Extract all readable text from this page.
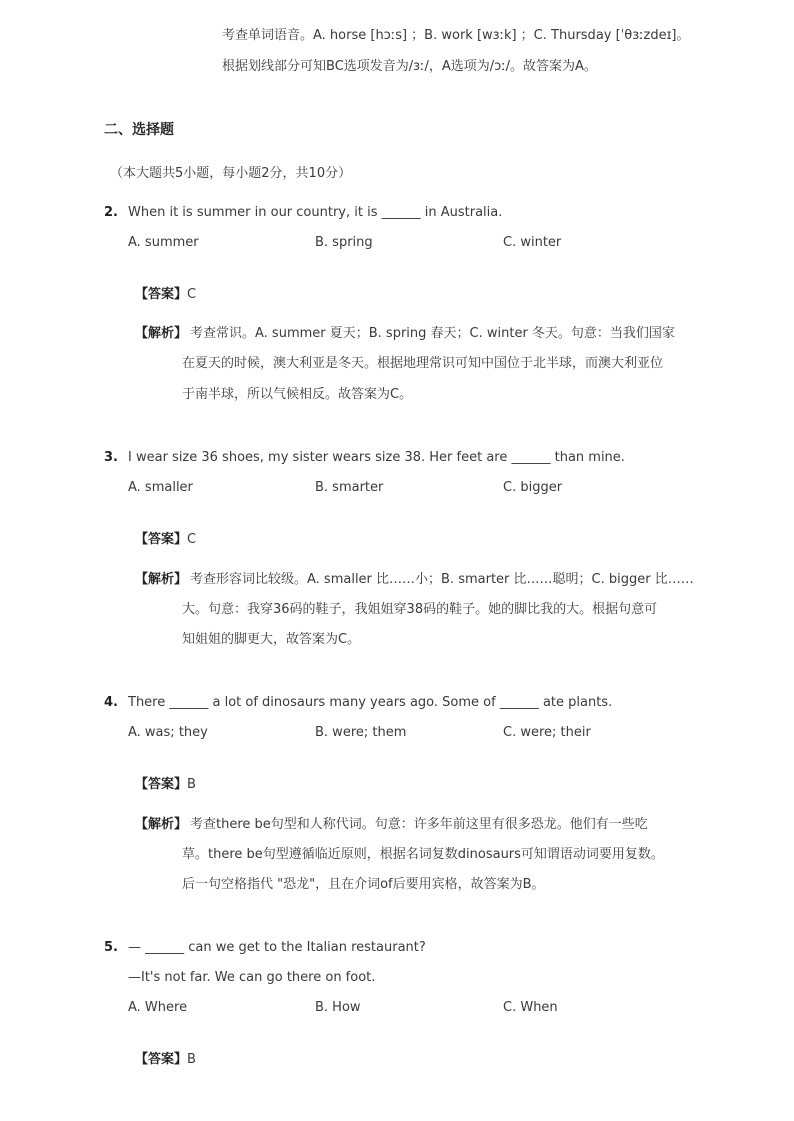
考查单词语音。A. horse [hɔːs] ；B. work [wɜːk] ；C. Thursday [ˈθɜːzdeɪ]。
根据划线部分可知BC选项发音为/ɜː/，A选项为/ɔː/。故答案为A。
二、选择题
（本大题共5小题，每小题2分，共10分）
2. When it is summer in our country, it is ______ in Australia.
A. summer	B. spring	C. winter
【答案】C
【解析】 考查常识。A. summer 夏天；B. spring 春天；C. winter 冬天。句意：当我们国家
在夏天的时候，澳大利亚是冬天。根据地理常识可知中国位于北半球，而澳大利亚位
于南半球，所以气候相反。故答案为C。
3. I wear size 36 shoes, my sister wears size 38. Her feet are ______ than mine.
A. smaller	B. smarter	C. bigger
【答案】C
【解析】 考查形容词比较级。A. smaller 比……小；B. smarter 比……聪明；C. bigger 比……
大。句意：我穿36码的鞋子，我姐姐穿38码的鞋子。她的脚比我的大。根据句意可
知姐姐的脚更大，故答案为C。
4. There ______ a lot of dinosaurs many years ago. Some of ______ ate plants.
A. was; they	B. were; them	C. were; their
【答案】B
【解析】 考查there be句型和人称代词。句意：许多年前这里有很多恐龙。他们有一些吃
草。there be句型遵循临近原则，根据名词复数dinosaurs可知谓语动词要用复数。
后一句空格指代 "恐龙"，且在介词of后要用宾格，故答案为B。
5. — ______ can we get to the Italian restaurant?
—It's not far. We can go there on foot.
A. Where	B. How	C. When
【答案】B
